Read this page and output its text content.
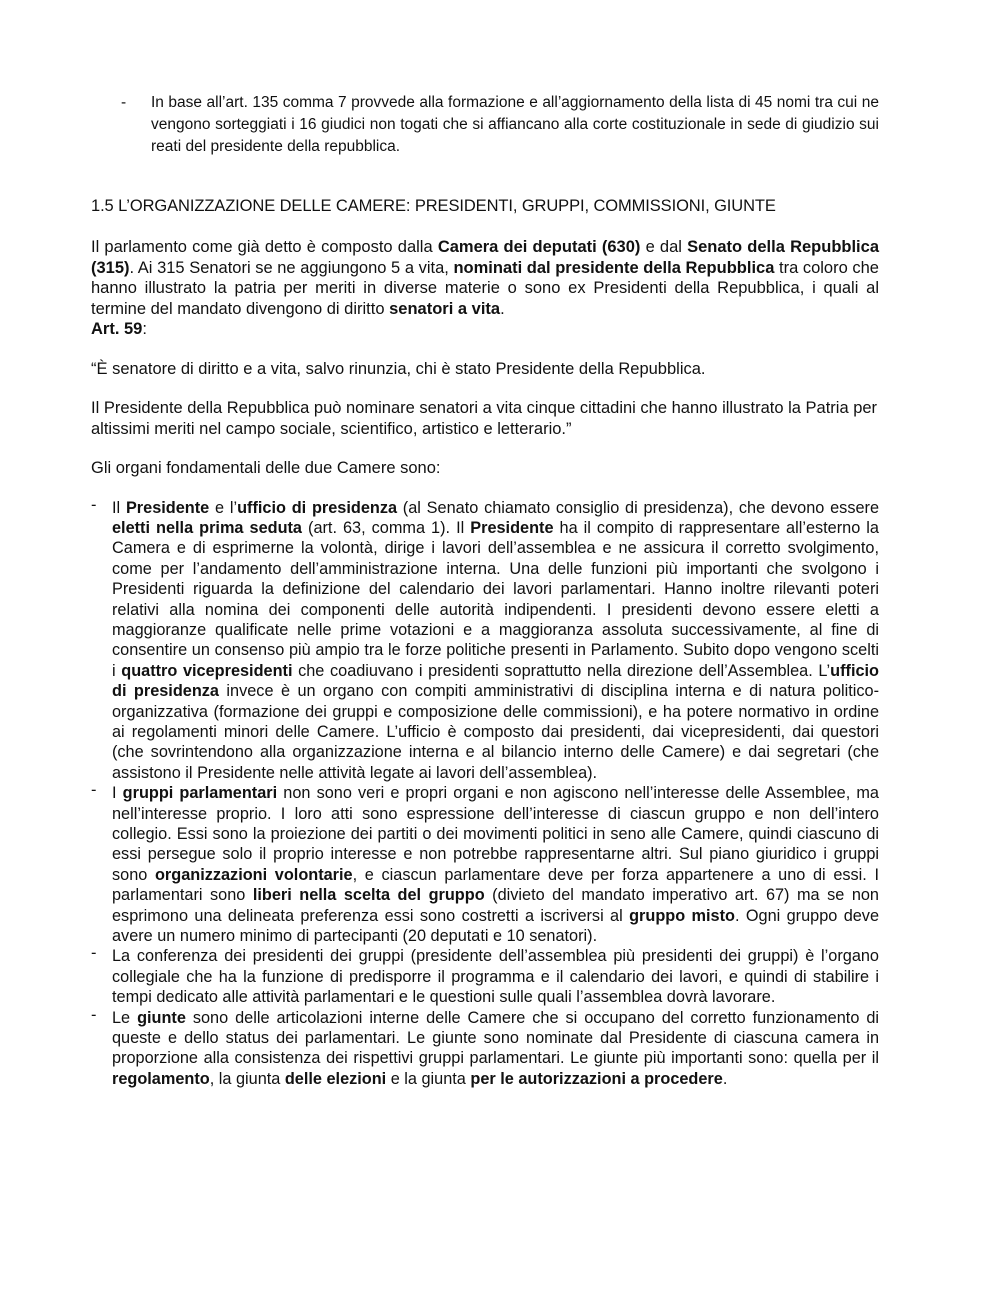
- In base all’art. 135 comma 7 provvede alla formazione e all’aggiornamento della lista di 45 nomi tra cui ne vengono sorteggiati i 16 giudici non togati che si affiancano alla corte costituzionale in sede di giudizio sui reati del presidente della repubblica.
1.5 L’ORGANIZZAZIONE DELLE CAMERE: PRESIDENTI, GRUPPI, COMMISSIONI, GIUNTE
Il parlamento come già detto è composto dalla Camera dei deputati (630) e dal Senato della Repubblica (315). Ai 315 Senatori se ne aggiungono 5 a vita, nominati dal presidente della Repubblica tra coloro che hanno illustrato la patria per meriti in diverse materie o sono ex Presidenti della Repubblica, i quali al termine del mandato divengono di diritto senatori a vita.
Art. 59:
“È senatore di diritto e a vita, salvo rinunzia, chi è stato Presidente della Repubblica.
Il Presidente della Repubblica può nominare senatori a vita cinque cittadini che hanno illustrato la Patria per altissimi meriti nel campo sociale, scientifico, artistico e letterario.”
Gli organi fondamentali delle due Camere sono:
- Il Presidente e l’ufficio di presidenza (al Senato chiamato consiglio di presidenza), che devono essere eletti nella prima seduta (art. 63, comma 1). Il Presidente ha il compito di rappresentare all’esterno la Camera e di esprimerne la volontà, dirige i lavori dell’assemblea e ne assicura il corretto svolgimento, come per l’andamento dell’amministrazione interna. Una delle funzioni più importanti che svolgono i Presidenti riguarda la definizione del calendario dei lavori parlamentari. Hanno inoltre rilevanti poteri relativi alla nomina dei componenti delle autorità indipendenti. I presidenti devono essere eletti a maggioranze qualificate nelle prime votazioni e a maggioranza assoluta successivamente, al fine di consentire un consenso più ampio tra le forze politiche presenti in Parlamento. Subito dopo vengono scelti i quattro vicepresidenti che coadiuvano i presidenti soprattutto nella direzione dell’Assemblea. L’ufficio di presidenza invece è un organo con compiti amministrativi di disciplina interna e di natura politico-organizzativa (formazione dei gruppi e composizione delle commissioni), e ha potere normativo in ordine ai regolamenti minori delle Camere. L’ufficio è composto dai presidenti, dai vicepresidenti, dai questori (che sovrintendono alla organizzazione interna e al bilancio interno delle Camere) e dai segretari (che assistono il Presidente nelle attività legate ai lavori dell’assemblea).
- I gruppi parlamentari non sono veri e propri organi e non agiscono nell’interesse delle Assemblee, ma nell’interesse proprio. I loro atti sono espressione dell’interesse di ciascun gruppo e non dell’intero collegio. Essi sono la proiezione dei partiti o dei movimenti politici in seno alle Camere, quindi ciascuno di essi persegue solo il proprio interesse e non potrebbe rappresentarne altri. Sul piano giuridico i gruppi sono organizzazioni volontarie, e ciascun parlamentare deve per forza appartenere a uno di essi. I parlamentari sono liberi nella scelta del gruppo (divieto del mandato imperativo art. 67) ma se non esprimono una delineata preferenza essi sono costretti a iscriversi al gruppo misto. Ogni gruppo deve avere un numero minimo di partecipanti (20 deputati e 10 senatori).
- La conferenza dei presidenti dei gruppi (presidente dell’assemblea più presidenti dei gruppi) è l’organo collegiale che ha la funzione di predisporre il programma e il calendario dei lavori, e quindi di stabilire i tempi dedicato alle attività parlamentari e le questioni sulle quali l’assemblea dovrà lavorare.
- Le giunte sono delle articolazioni interne delle Camere che si occupano del corretto funzionamento di queste e dello status dei parlamentari. Le giunte sono nominate dal Presidente di ciascuna camera in proporzione alla consistenza dei rispettivi gruppi parlamentari. Le giunte più importanti sono: quella per il regolamento, la giunta delle elezioni e la giunta per le autorizzazioni a procedere.
